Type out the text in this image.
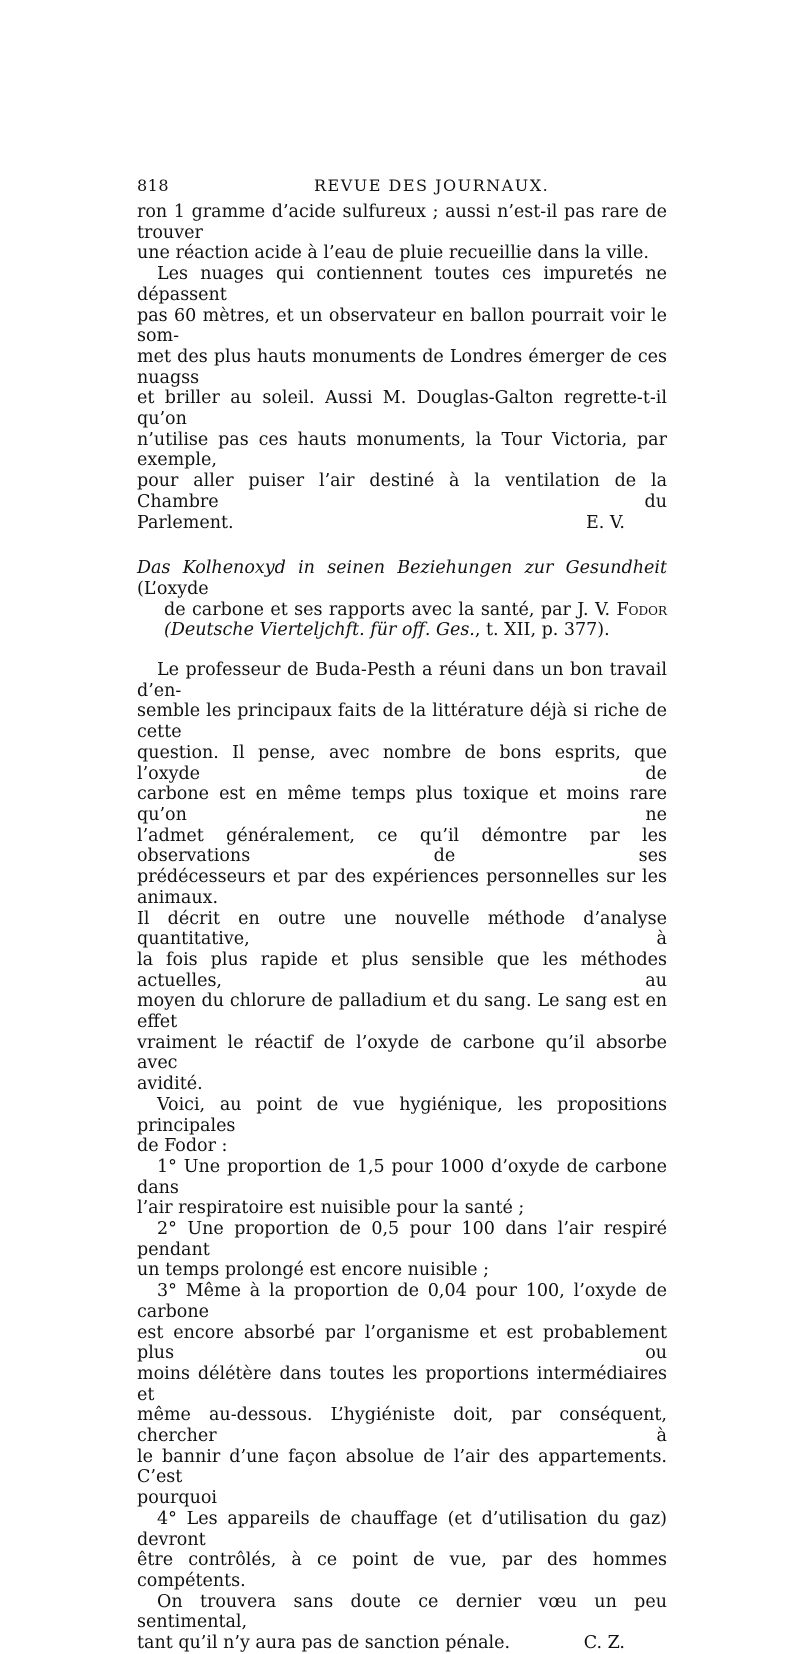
818	REVUE DES JOURNAUX.
ron 1 gramme d’acide sulfureux ; aussi n’est-il pas rare de trouver
une réaction acide à l’eau de pluie recueillie dans la ville.
Les nuages qui contiennent toutes ces impuretés ne dépassent
pas 60 mètres, et un observateur en ballon pourrait voir le som-
met des plus hauts monuments de Londres émerger de ces nuagss
et briller au soleil. Aussi M. Douglas-Galton regrette-t-il qu’on
n’utilise pas ces hauts monuments, la Tour Victoria, par exemple,
pour aller puiser l’air destiné à la ventilation de la Chambre du
Parlement.	E. V.
Das Kolhenoxyd in seinen Beziehungen zur Gesundheit (L’oxyde
de carbone et ses rapports avec la santé, par J. V. Fodor
(Deutsche Vierteljchft. für off. Ges., t. XII, p. 377).
Le professeur de Buda-Pesth a réuni dans un bon travail d’en-
semble les principaux faits de la littérature déjà si riche de cette
question. Il pense, avec nombre de bons esprits, que l’oxyde de
carbone est en même temps plus toxique et moins rare qu’on ne
l’admet généralement, ce qu’il démontre par les observations de ses
prédécesseurs et par des expériences personnelles sur les animaux.
Il décrit en outre une nouvelle méthode d’analyse quantitative, à
la fois plus rapide et plus sensible que les méthodes actuelles, au
moyen du chlorure de palladium et du sang. Le sang est en effet
vraiment le réactif de l’oxyde de carbone qu’il absorbe avec
avidité.
Voici, au point de vue hygiénique, les propositions principales
de Fodor :
1° Une proportion de 1,5 pour 1000 d’oxyde de carbone dans
l’air respiratoire est nuisible pour la santé ;
2° Une proportion de 0,5 pour 100 dans l’air respiré pendant
un temps prolongé est encore nuisible ;
3° Même à la proportion de 0,04 pour 100, l’oxyde de carbone
est encore absorbé par l’organisme et est probablement plus ou
moins délétère dans toutes les proportions intermédiaires et
même au-dessous. L’hygiéniste doit, par conséquent, chercher à
le bannir d’une façon absolue de l’air des appartements. C’est
pourquoi
4° Les appareils de chauffage (et d’utilisation du gaz) devront
être contrôlés, à ce point de vue, par des hommes compétents.
On trouvera sans doute ce dernier vœu un peu sentimental,
tant qu’il n’y aura pas de sanction pénale.	C. Z.
